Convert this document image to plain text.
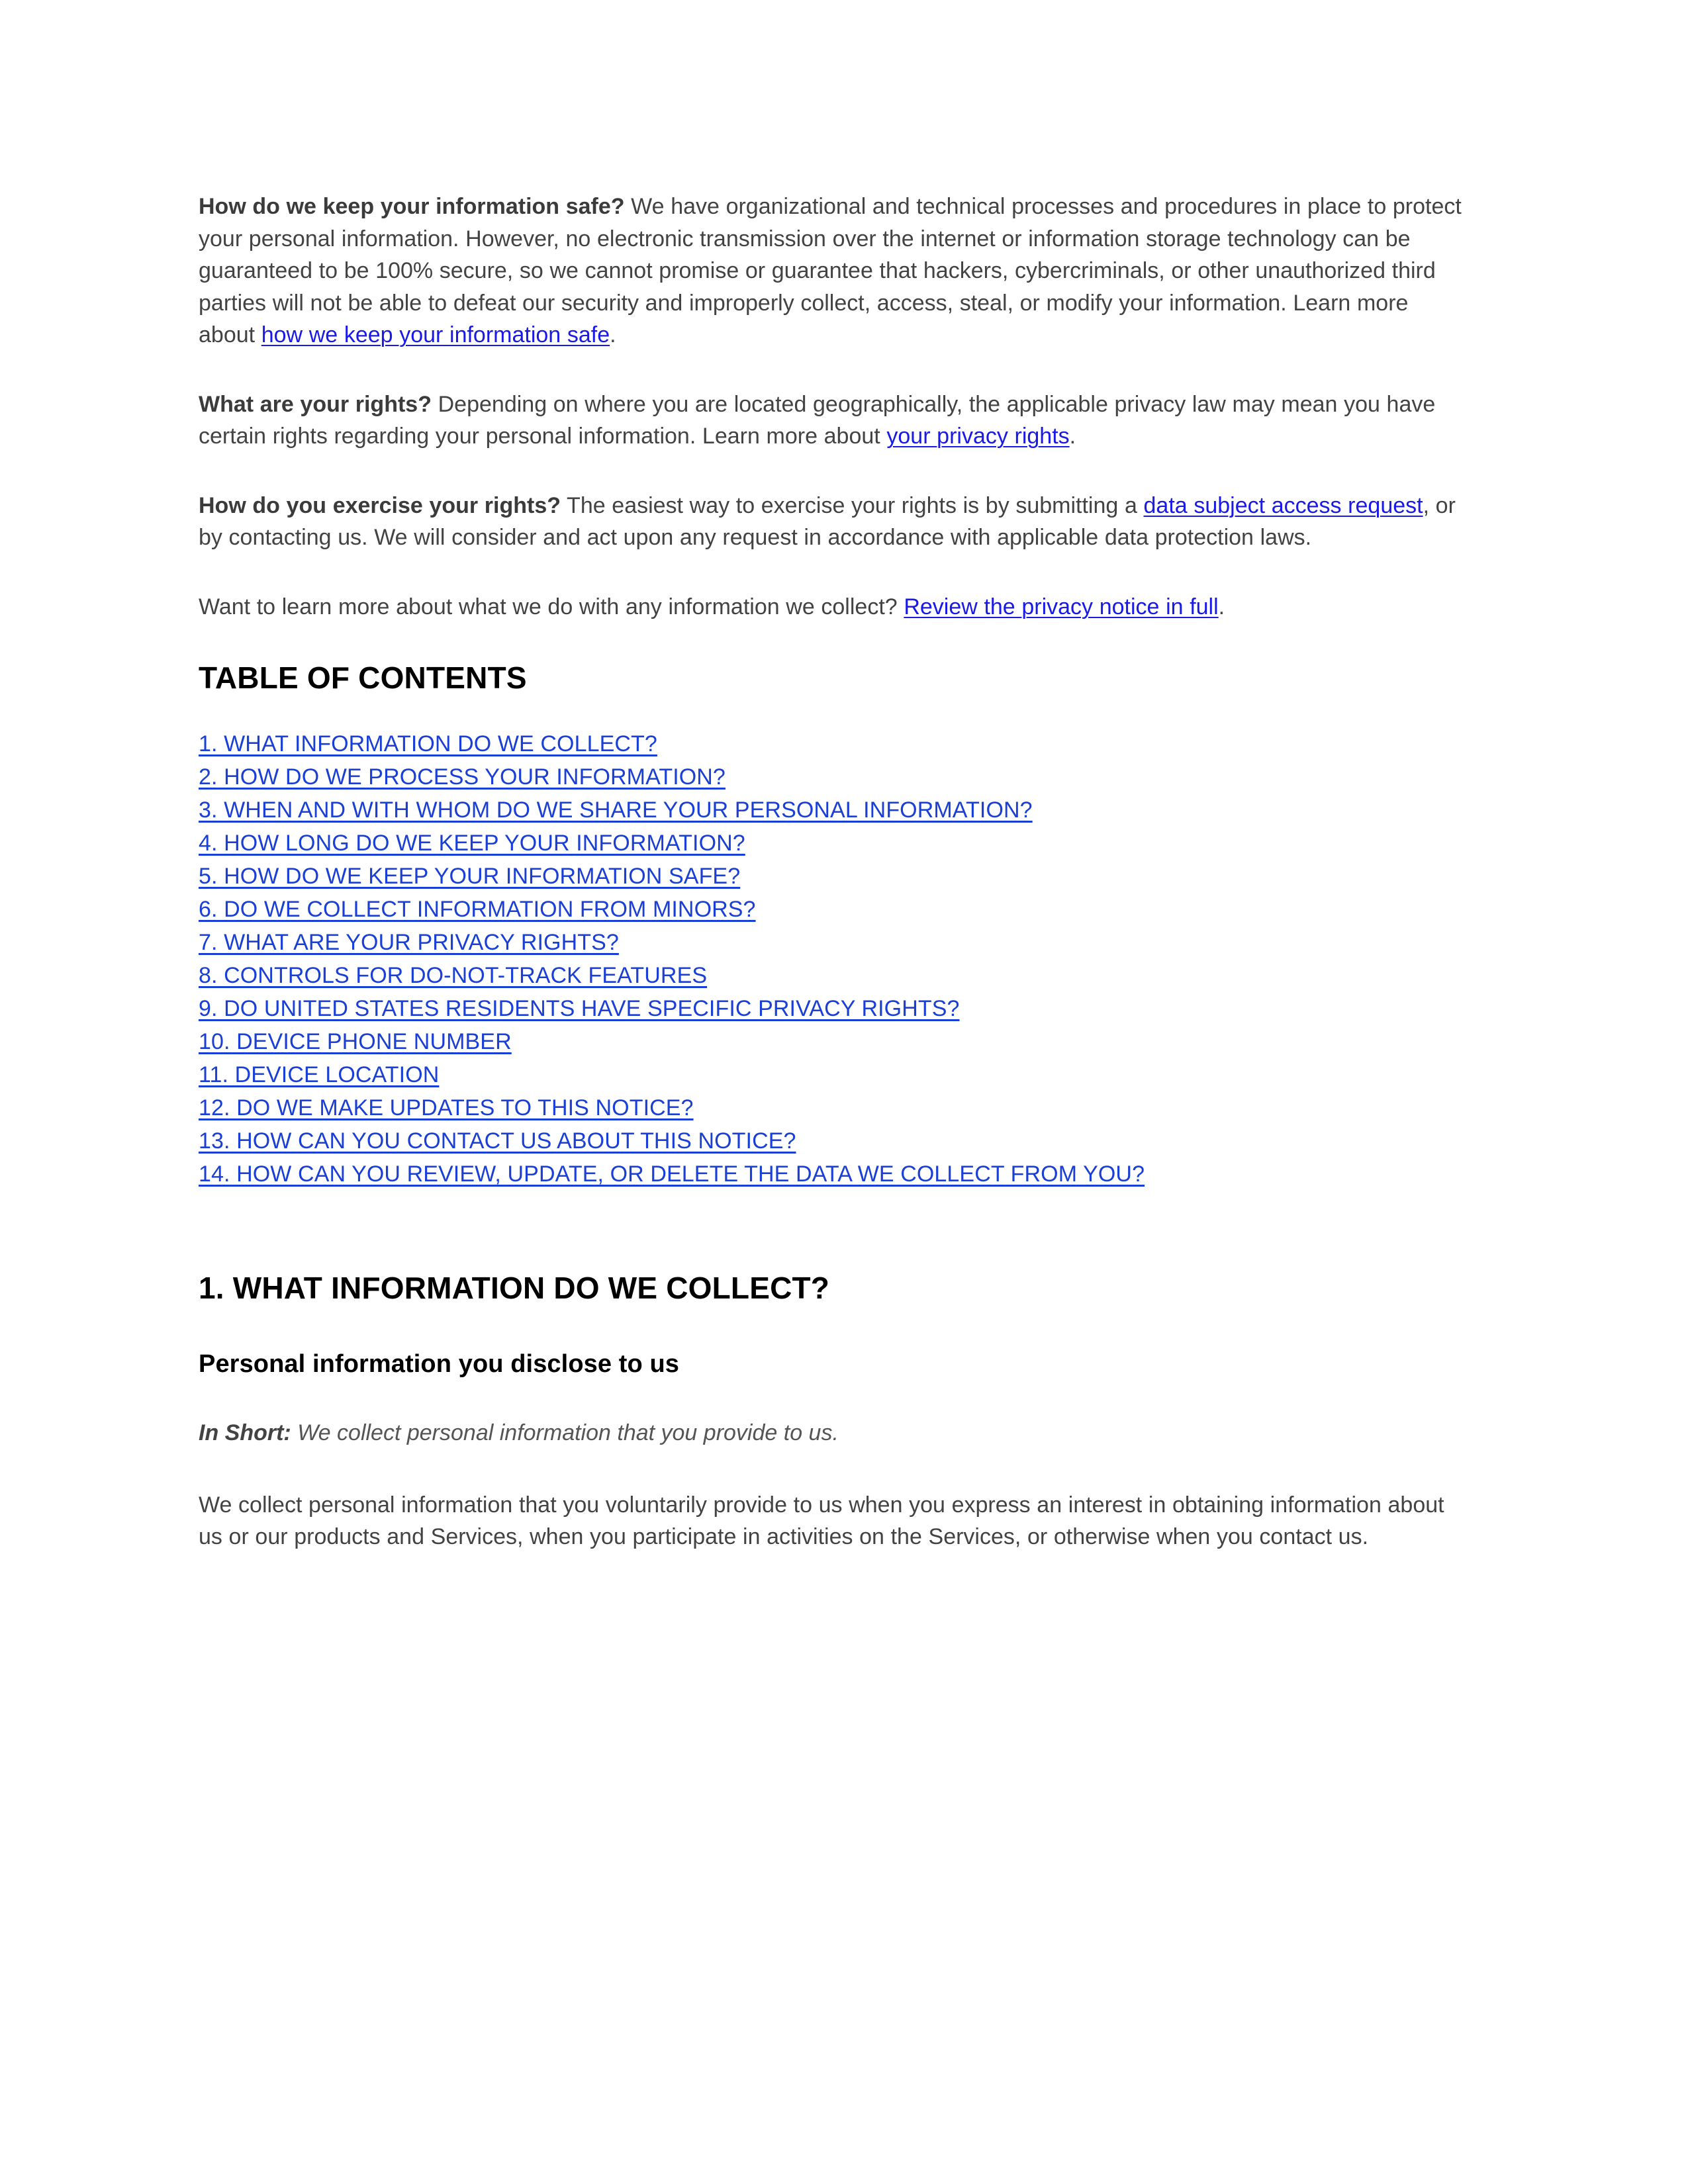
How do we keep your information safe? We have organizational and technical processes and procedures in place to protect your personal information. However, no electronic transmission over the internet or information storage technology can be guaranteed to be 100% secure, so we cannot promise or guarantee that hackers, cybercriminals, or other unauthorized third parties will not be able to defeat our security and improperly collect, access, steal, or modify your information. Learn more about how we keep your information safe.

What are your rights? Depending on where you are located geographically, the applicable privacy law may mean you have certain rights regarding your personal information. Learn more about your privacy rights.

How do you exercise your rights? The easiest way to exercise your rights is by submitting a data subject access request, or by contacting us. We will consider and act upon any request in accordance with applicable data protection laws.

Want to learn more about what we do with any information we collect? Review the privacy notice in full.

TABLE OF CONTENTS
1. WHAT INFORMATION DO WE COLLECT?
2. HOW DO WE PROCESS YOUR INFORMATION?
3. WHEN AND WITH WHOM DO WE SHARE YOUR PERSONAL INFORMATION?
4. HOW LONG DO WE KEEP YOUR INFORMATION?
5. HOW DO WE KEEP YOUR INFORMATION SAFE?
6. DO WE COLLECT INFORMATION FROM MINORS?
7. WHAT ARE YOUR PRIVACY RIGHTS?
8. CONTROLS FOR DO-NOT-TRACK FEATURES
9. DO UNITED STATES RESIDENTS HAVE SPECIFIC PRIVACY RIGHTS?
10. DEVICE PHONE NUMBER
11. DEVICE LOCATION
12. DO WE MAKE UPDATES TO THIS NOTICE?
13. HOW CAN YOU CONTACT US ABOUT THIS NOTICE?
14. HOW CAN YOU REVIEW, UPDATE, OR DELETE THE DATA WE COLLECT FROM YOU?
1. WHAT INFORMATION DO WE COLLECT?
Personal information you disclose to us

In Short: We collect personal information that you provide to us.

We collect personal information that you voluntarily provide to us when you express an interest in obtaining information about us or our products and Services, when you participate in activities on the Services, or otherwise when you contact us.
